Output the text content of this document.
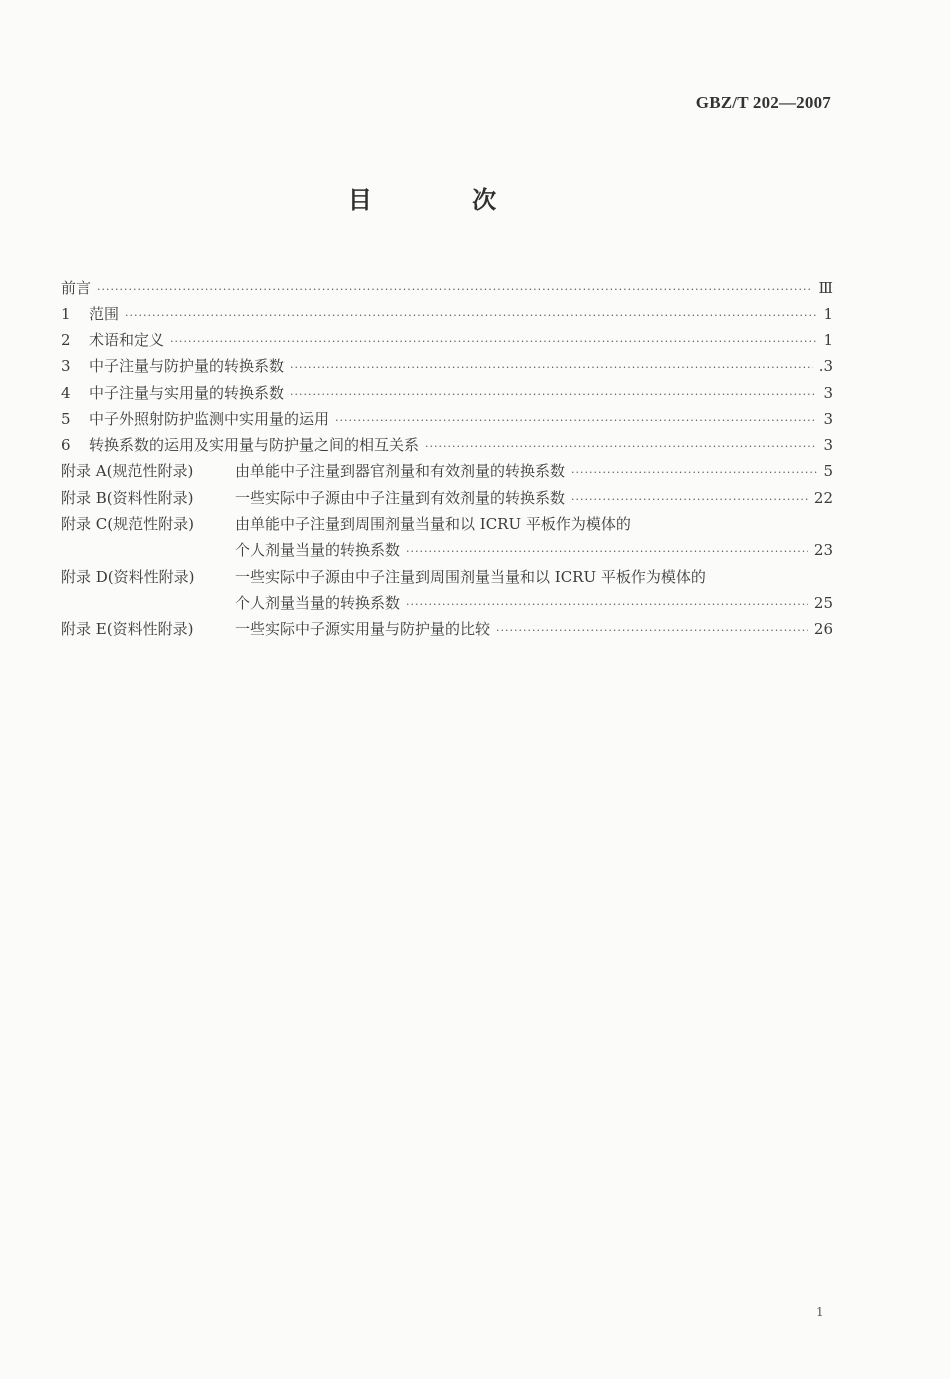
GBZ/T 202—2007
目 次
前言 ·····	Ⅲ
1	范围 ·····	1
2	术语和定义 ·····	1
3	中子注量与防护量的转换系数 ·····	.3
4	中子注量与实用量的转换系数 ·····	3
5	中子外照射防护监测中实用量的运用 ·····	3
6	转换系数的运用及实用量与防护量之间的相互关系 ·····	3
附录 A(规范性附录)	由单能中子注量到器官剂量和有效剂量的转换系数 ·····	5
附录 B(资料性附录)	一些实际中子源由中子注量到有效剂量的转换系数 ·····	22
附录 C(规范性附录)	由单能中子注量到周围剂量当量和以 ICRU 平板作为模体的
个人剂量当量的转换系数 ·····	23
附录 D(资料性附录)	一些实际中子源由中子注量到周围剂量当量和以 ICRU 平板作为模体的
个人剂量当量的转换系数 ·····	25
附录 E(资料性附录)	一些实际中子源实用量与防护量的比较 ·····	26
1
